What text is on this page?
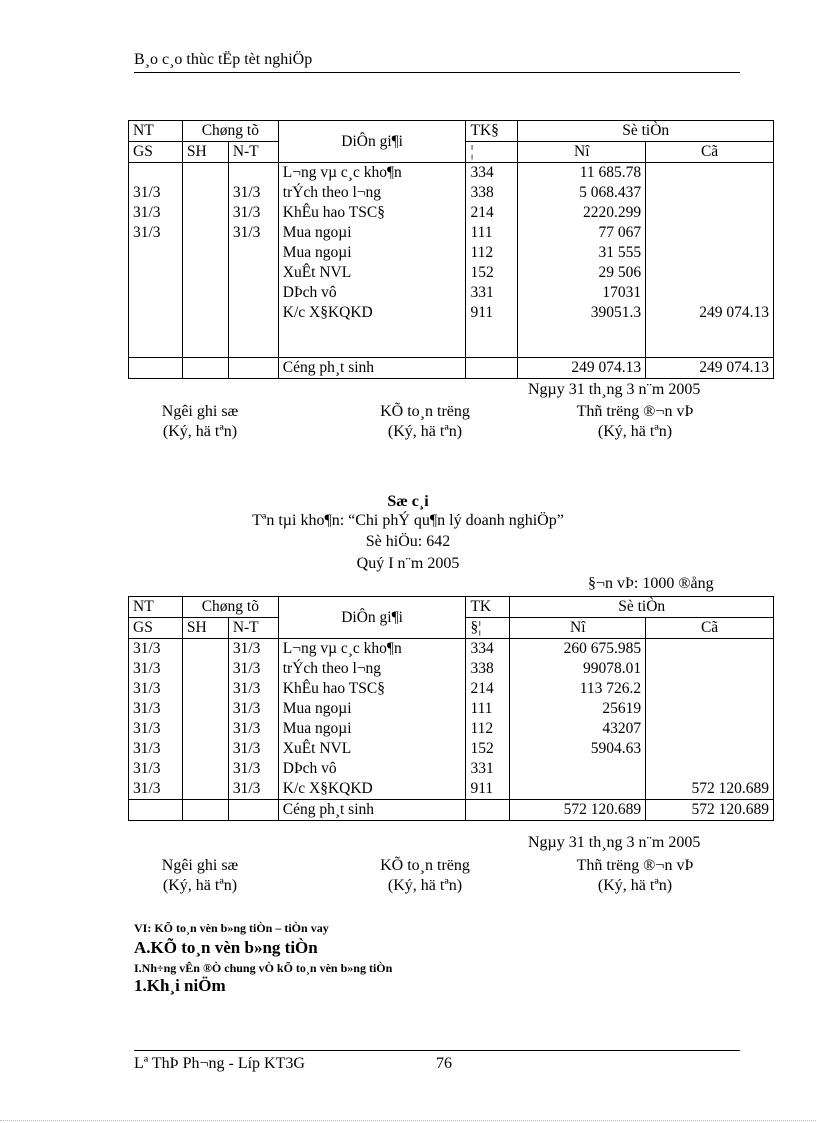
B¸o c¸o thùc tËp tèt nghiÖp
NT	Chøng tõ		DiÔn gi¶i	TK§	Sè tiÒn	
GS	SH	N-T		¦	Nî	Cã
			L¬ng vµ c¸c kho¶n	334	11 685.78	
31/3		31/3	trÝch theo l¬ng	338	5 068.437	
31/3		31/3	KhÊu hao TSC§	214	2220.299	
31/3		31/3	Mua ngoµi	111	77 067	
			Mua ngoµi	112	31 555	
			XuÊt NVL	152	29 506	
			DÞch vô	331	17031	
			K/c X§KQKD	911	39051.3	249 074.13

			Céng ph¸t sinh		249 074.13	249 074.13
Ngµy 31 th¸ng 3 n¨m 2005
Ngêi ghi sæ
(Ký, hä tªn)
KÕ to¸n trëng
(Ký, hä tªn)
Thñ trëng ®¬n vÞ
(Ký, hä tªn)
Sæ c¸i
Tªn tµi kho¶n: “Chi phÝ qu¶n lý doanh nghiÖp”
Sè hiÖu: 642
Quý I n¨m 2005
§¬n vÞ: 1000 ®ång
NT	Chøng tõ		DiÔn gi¶i	TK	Sè tiÒn	
GS	SH	N-T		§¦	Nî	Cã
31/3		31/3	L¬ng vµ c¸c kho¶n	334	260 675.985	
31/3		31/3	trÝch theo l¬ng	338	99078.01	
31/3		31/3	KhÊu hao TSC§	214	113 726.2	
31/3		31/3	Mua ngoµi	111	25619	
31/3		31/3	Mua ngoµi	112	43207	
31/3		31/3	XuÊt NVL	152	5904.63	
31/3		31/3	DÞch vô	331		
31/3		31/3	K/c X§KQKD	911		572 120.689
			Céng ph¸t sinh		572 120.689	572 120.689
Ngµy 31 th¸ng 3 n¨m 2005
Ngêi ghi sæ
(Ký, hä tªn)
KÕ to¸n trëng
(Ký, hä tªn)
Thñ trëng ®¬n vÞ
(Ký, hä tªn)
VI: KÕ to¸n vèn b»ng tiÒn – tiÒn vay
A.KÕ to¸n vèn b»ng tiÒn
I.Nh÷ng vÊn ®Ò chung vÒ kÕ to¸n vèn b»ng tiÒn
1.Kh¸i niÖm
Lª ThÞ Ph¬ng - Líp KT3G	76
